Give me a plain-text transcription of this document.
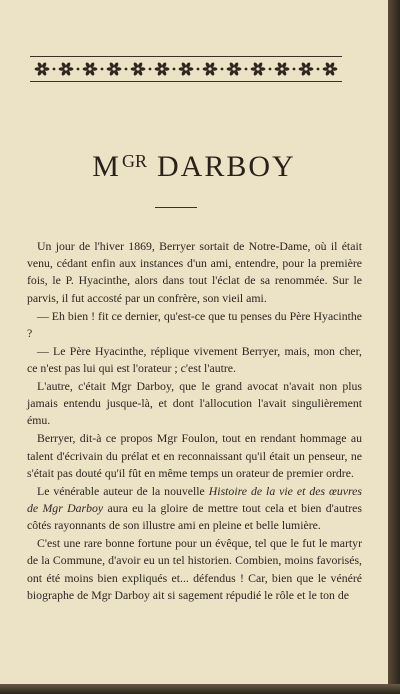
$M^{GR}$ DARBOY

Un jour de l'hiver 1869, Berryer sortait de Notre-Dame, où il était venu, cédant enfin aux instances d'un ami, entendre, pour la première fois, le P. Hyacinthe, alors dans tout l'éclat de sa renommée. Sur le parvis, il fut accosté par un confrère, son vieil ami.

— Eh bien ! fit ce dernier, qu'est-ce que tu penses du Père Hyacinthe ?

— Le Père Hyacinthe, réplique vivement Berryer, mais, mon cher, ce n'est pas lui qui est l'orateur ; c'est l'autre.

L'autre, c'était Mgr Darboy, que le grand avocat n'avait non plus jamais entendu jusque-là, et dont l'allocution l'avait singulièrement ému.

Berryer, dit-à ce propos Mgr Foulon, tout en rendant hommage au talent d'écrivain du prélat et en reconnaissant qu'il était un penseur, ne s'était pas douté qu'il fût en même temps un orateur de premier ordre.

Le vénérable auteur de la nouvelle Histoire de la vie et des œuvres de Mgr Darboy aura eu la gloire de mettre tout cela et bien d'autres côtés rayonnants de son illustre ami en pleine et belle lumière.

C'est une rare bonne fortune pour un évêque, tel que le fut le martyr de la Commune, d'avoir eu un tel historien. Combien, moins favorisés, ont été moins bien expliqués et... défendus ! Car, bien que le vénéré biographe de Mgr Darboy ait si sagement répudié le rôle et le ton de
